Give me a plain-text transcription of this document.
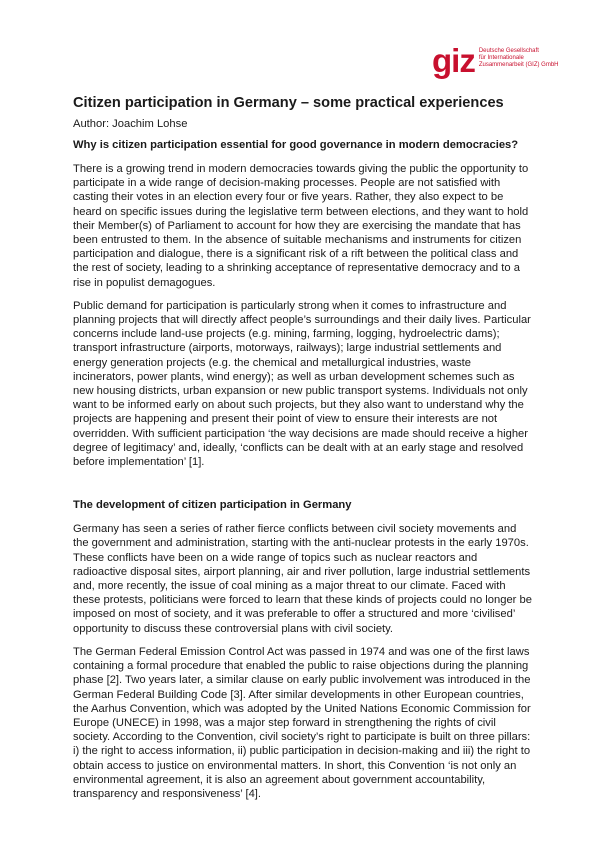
giz Deutsche Gesellschaft
für Internationale
Zusammenarbeit (GIZ) GmbH
Citizen participation in Germany – some practical experiences
Author: Joachim Lohse
Why is citizen participation essential for good governance in modern democracies?

There is a growing trend in modern democracies towards giving the public the opportunity to
participate in a wide range of decision-making processes. People are not satisfied with
casting their votes in an election every four or five years. Rather, they also expect to be
heard on specific issues during the legislative term between elections, and they want to hold
their Member(s) of Parliament to account for how they are exercising the mandate that has
been entrusted to them. In the absence of suitable mechanisms and instruments for citizen
participation and dialogue, there is a significant risk of a rift between the political class and
the rest of society, leading to a shrinking acceptance of representative democracy and to a
rise in populist demagogues.

Public demand for participation is particularly strong when it comes to infrastructure and
planning projects that will directly affect people’s surroundings and their daily lives. Particular
concerns include land-use projects (e.g. mining, farming, logging, hydroelectric dams);
transport infrastructure (airports, motorways, railways); large industrial settlements and
energy generation projects (e.g. the chemical and metallurgical industries, waste
incinerators, power plants, wind energy); as well as urban development schemes such as
new housing districts, urban expansion or new public transport systems. Individuals not only
want to be informed early on about such projects, but they also want to understand why the
projects are happening and present their point of view to ensure their interests are not
overridden. With sufficient participation ‘the way decisions are made should receive a higher
degree of legitimacy’ and, ideally, ‘conflicts can be dealt with at an early stage and resolved
before implementation’ [1].

The development of citizen participation in Germany

Germany has seen a series of rather fierce conflicts between civil society movements and
the government and administration, starting with the anti-nuclear protests in the early 1970s.
These conflicts have been on a wide range of topics such as nuclear reactors and
radioactive disposal sites, airport planning, air and river pollution, large industrial settlements
and, more recently, the issue of coal mining as a major threat to our climate. Faced with
these protests, politicians were forced to learn that these kinds of projects could no longer be
imposed on most of society, and it was preferable to offer a structured and more ‘civilised’
opportunity to discuss these controversial plans with civil society.

The German Federal Emission Control Act was passed in 1974 and was one of the first laws
containing a formal procedure that enabled the public to raise objections during the planning
phase [2]. Two years later, a similar clause on early public involvement was introduced in the
German Federal Building Code [3]. After similar developments in other European countries,
the Aarhus Convention, which was adopted by the United Nations Economic Commission for
Europe (UNECE) in 1998, was a major step forward in strengthening the rights of civil
society. According to the Convention, civil society’s right to participate is built on three pillars:
i) the right to access information, ii) public participation in decision-making and iii) the right to
obtain access to justice on environmental matters. In short, this Convention ‘is not only an
environmental agreement, it is also an agreement about government accountability,
transparency and responsiveness’ [4].
